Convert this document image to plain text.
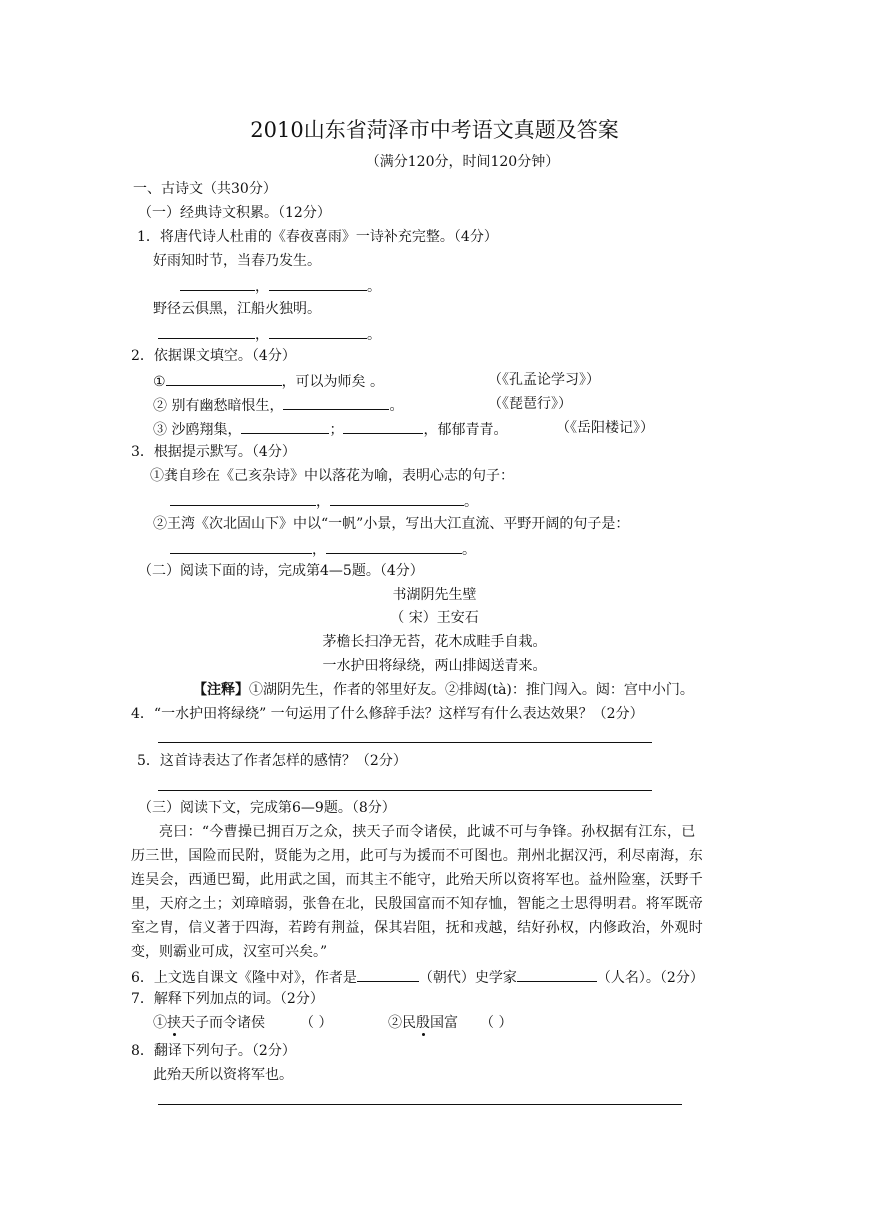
2010山东省菏泽市中考语文真题及答案
（满分120分，时间120分钟）
一、古诗文（共30分）
（一）经典诗文积累。（12分）
1．将唐代诗人杜甫的《春夜喜雨》一诗补充完整。（4分）
好雨知时节，当春乃发生。
，	。
野径云俱黑，江船火独明。
，	。
2．依据课文填空。（4分）
①	，可以为师矣 。	（《孔孟论学习》）
② 别有幽愁暗恨生，	。	（《琵琶行》）
③ 沙鸥翔集，	；	，郁郁青青。	（《岳阳楼记》）
3．根据提示默写。（4分）
①龚自珍在《己亥杂诗》中以落花为喻，表明心志的句子：
，	。
②王湾《次北固山下》中以“一帆”小景，写出大江直流、平野开阔的句子是：
，	。
（二）阅读下面的诗，完成第4—5题。（4分）
书湖阴先生壁
（ 宋）王安石
茅檐长扫净无苔，花木成畦手自栽。
一水护田将绿绕，两山排闼送青来。
【注释】①湖阴先生，作者的邻里好友。②排闼(tà)：推门闯入。闼：宫中小门。
4．“一水护田将绿绕” 一句运用了什么修辞手法？这样写有什么表达效果？（2分）
5．这首诗表达了作者怎样的感情？（2分）
（三）阅读下文，完成第6—9题。（8分）
亮曰：“今曹操已拥百万之众，挟天子而令诸侯，此诚不可与争锋。孙权据有江东，已
历三世，国险而民附，贤能为之用，此可与为援而不可图也。荆州北据汉沔，利尽南海，东
连吴会，西通巴蜀，此用武之国，而其主不能守，此殆天所以资将军也。益州险塞，沃野千
里，天府之土；刘璋暗弱，张鲁在北，民殷国富而不知存恤，智能之士思得明君。将军既帝
室之胄，信义著于四海，若跨有荆益，保其岩阻，抚和戎越，结好孙权，内修政治，外观时
变，则霸业可成，汉室可兴矣。”
6．上文选自课文《隆中对》，作者是	（朝代）史学家	（人名）。（2分）
7．解释下列加点的词。（2分）
①挟天子而令诸侯	（ ）	②民殷国富 （ ）
8．翻译下列句子。（2分）
此殆天所以资将军也。
